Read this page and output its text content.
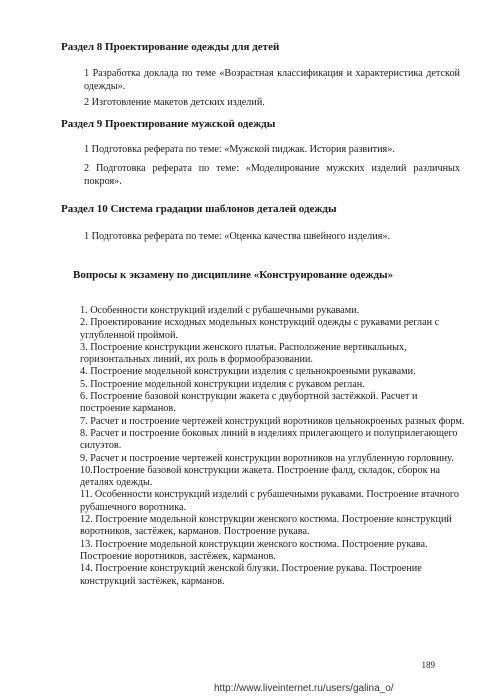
Раздел 8 Проектирование одежды для детей
1 Разработка доклада по теме «Возрастная классификация и характеристика детской одежды».
2 Изготовление макетов детских изделий.
Раздел 9 Проектирование мужской одежды
1 Подготовка реферата по теме: «Мужской пиджак. История развития».
2 Подготовка реферата по теме: «Моделирование мужских изделий различных покроя».
Раздел 10 Система градации шаблонов деталей одежды
1 Подготовка реферата по теме: «Оценка качества швейного изделия».
Вопросы к экзамену по дисциплине «Конструирование одежды»
1. Особенности конструкций изделий с рубашечными рукавами.
2. Проектирование исходных модельных конструкций одежды с рукавами реглан с углубленной проймой.
3. Построение конструкции женского платья. Расположение вертикальных, горизонтальных линий, их роль в формообразовании.
4. Построение модельной конструкции изделия с цельнокроеными рукавами.
5. Построение модельной конструкции изделия с рукавом реглан.
6. Построение базовой конструкции жакета с двубортной застёжкой. Расчет и построение карманов.
7. Расчет и построение чертежей конструкций воротников цельнокроеных разных форм.
8. Расчет и построение боковых линий в изделиях прилегающего и полуприлегающего силуэтов.
9. Расчет и построение чертежей конструкции воротников на углубленную горловину.
10.Построение базовой конструкции жакета. Построение фалд, складок, сборок на деталях одежды.
11. Особенности конструкций изделий с рубашечными рукавами. Построение втачного рубашечного воротника.
12. Построение модельной конструкции женского костюма. Построение конструкций воротников, застёжек, карманов. Построение рукава.
13. Построение модельной конструкции женского костюма. Построение рукава. Построение воротников, застёжек, карманов.
14. Построение конструкций женской блузки. Построение рукава. Построение конструкций застёжек, карманов.
189
http://www.liveinternet.ru/users/galina_o/
